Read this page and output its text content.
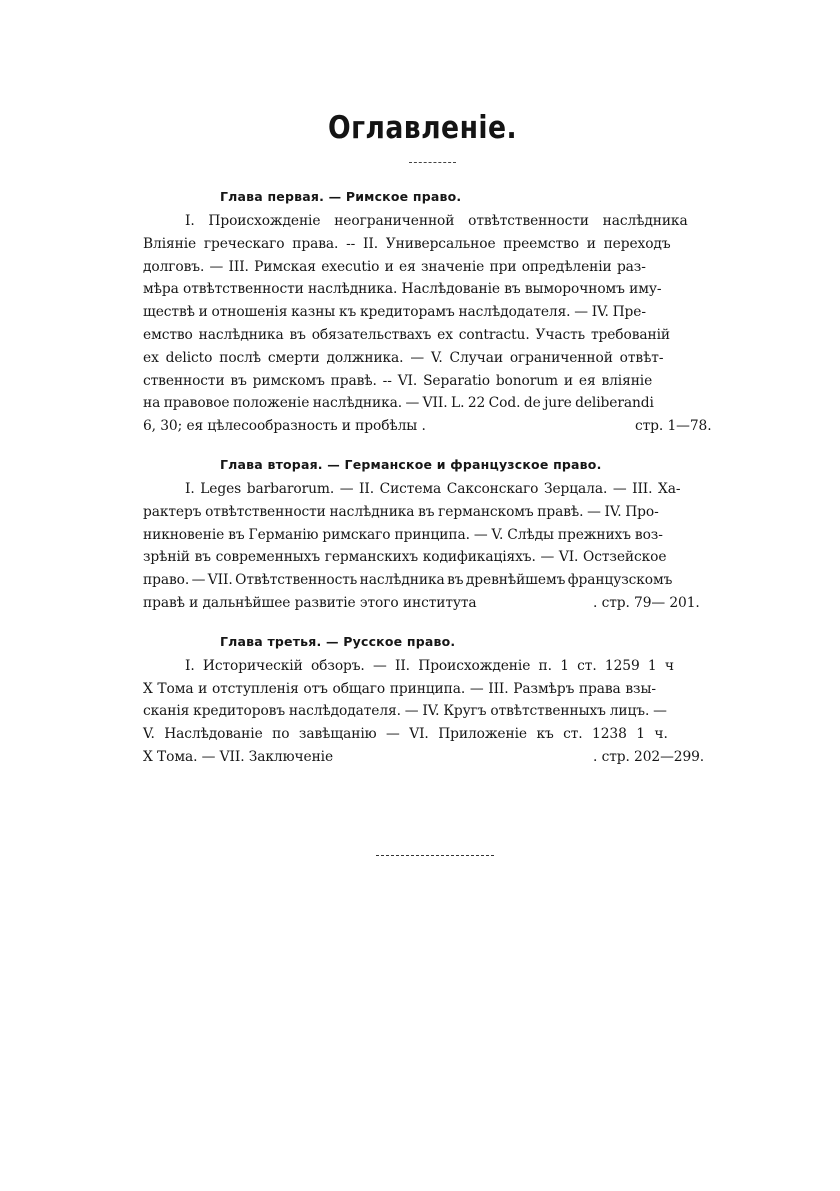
Оглавленіе.
Глава первая. — Римское право.
I. Происхожденіе неограниченной отвѣтственности наслѣдника
Вліяніе греческаго права. -- II. Универсальное преемство и переходъ
долговъ. — III. Римская executio и ея значеніе при опредѣленіи раз-
мѣра отвѣтственности наслѣдника. Наслѣдованіе въ выморочномъ иму-
ществѣ и отношенія казны къ кредиторамъ наслѣдодателя. — IV. Пре-
емство наслѣдника въ обязательствахъ ex contractu. Участь требованій
ex delicto послѣ смерти должника. — V. Случаи ограниченной отвѣт-
ственности въ римскомъ правѣ. -- VI. Separatio bonorum и ея вліяніе
на правовое положеніе наслѣдника. — VII. L. 22 Cod. de jure deliberandi
6, 30; ея цѣлесообразность и пробѣлы .	стр. 1—78.
Глава вторая. — Германское и французское право.
I. Leges barbarorum. — II. Система Саксонскаго Зерцала. — III. Ха-
рактеръ отвѣтственности наслѣдника въ германскомъ правѣ. — IV. Про-
никновеніе въ Германію римскаго принципа. — V. Слѣды прежнихъ воз-
зрѣній въ современныхъ германскихъ кодификаціяхъ. — VI. Остзейское
право. — VII. Отвѣтственность наслѣдника въ древнѣйшемъ французскомъ
правѣ и дальнѣйшее развитіе этого института	. стр. 79— 201.
Глава третья. — Русское право.
I. Историческій обзоръ. — II. Происхожденіе п. 1 ст. 1259 1 ч
X Тома и отступленія отъ общаго принципа. — III. Размѣръ права взы-
сканія кредиторовъ наслѣдодателя. — IV. Кругъ отвѣтственныхъ лицъ. —
V. Наслѣдованіе по завѣщанію — VI. Приложеніе къ ст. 1238 1 ч.
X Тома. — VII. Заключеніе	. стр. 202—299.
